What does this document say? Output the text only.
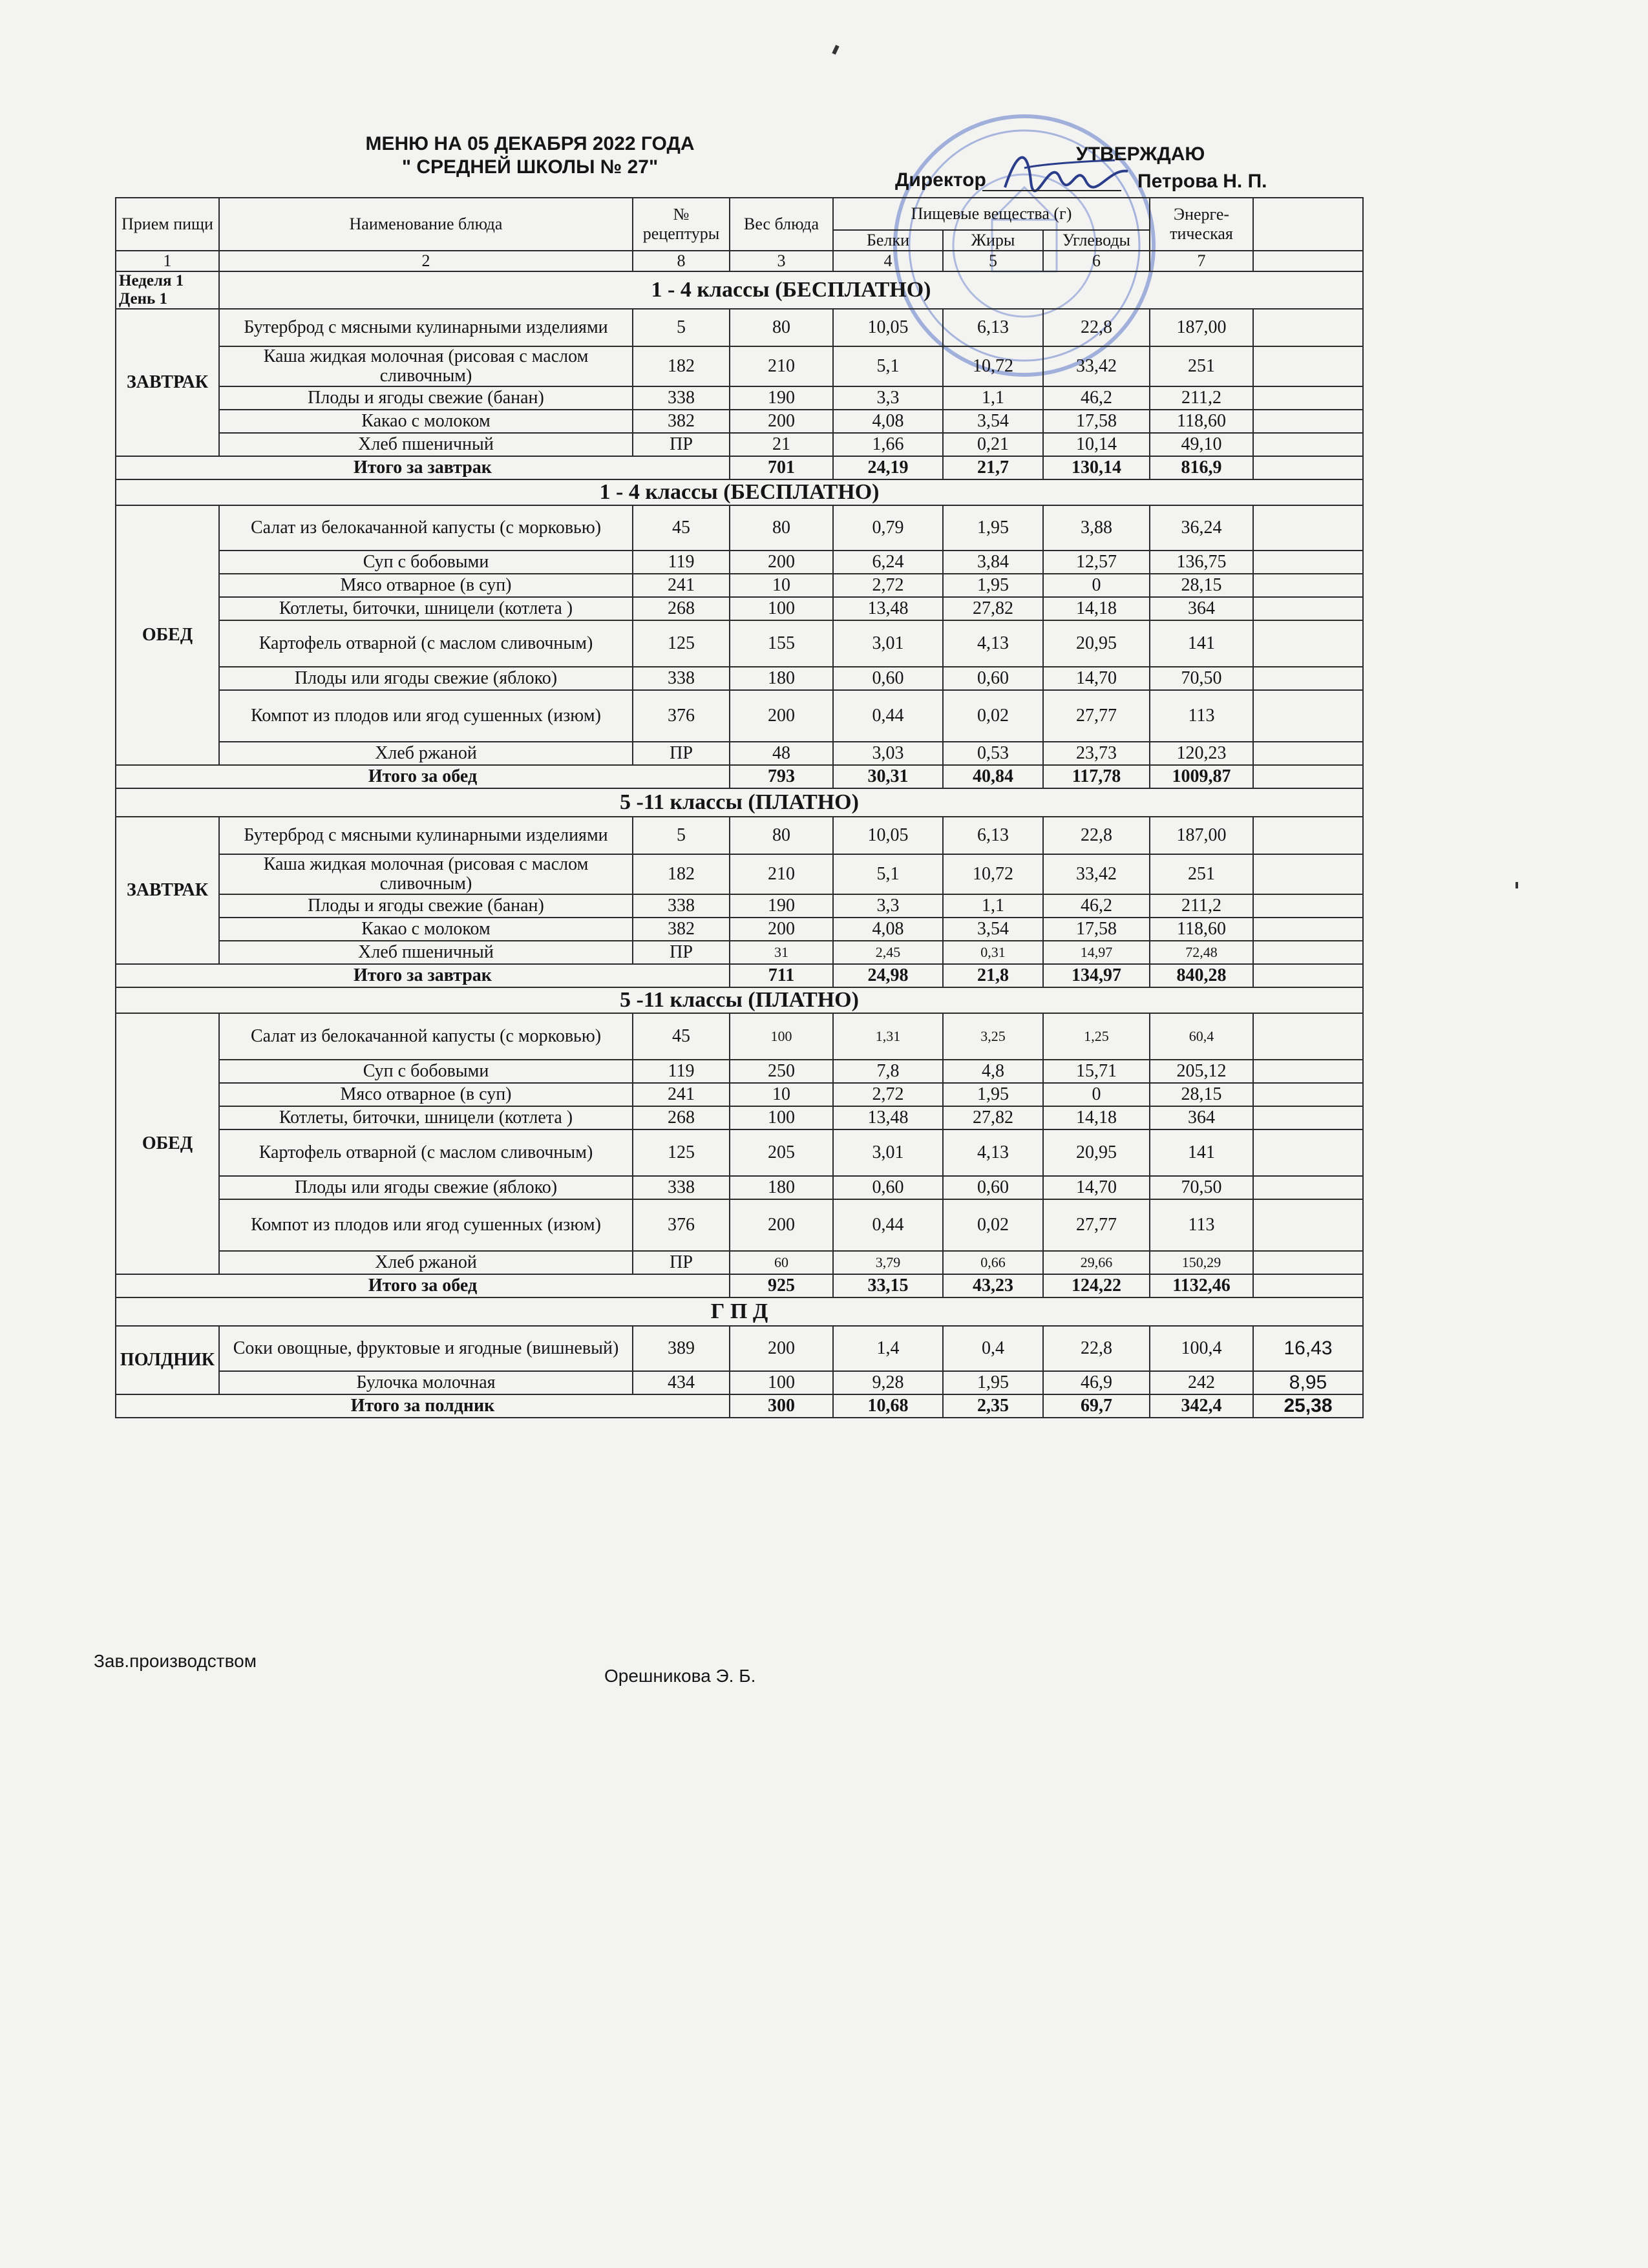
МЕНЮ НА 05 ДЕКАБРЯ 2022 ГОДА
" СРЕДНЕЙ ШКОЛЫ № 27"
УТВЕРЖДАЮ
Директор	Петрова Н. П.
Прием пищи	Наименование блюда	№ рецептуры	Вес блюда	Пищевые вещества (г)			Энерге-тическая	
				Белки	Жиры	Углеводы		
1	2	8	3	4	5	6	7	

Неделя 1
День 1	1 - 4 классы (БЕСПЛАТНО)							
ЗАВТРАК	Бутерброд с мясными кулинарными изделиями	5	80	10,05	6,13	22,8	187,00	
	Каша жидкая молочная (рисовая с маслом сливочным)	182	210	5,1	10,72	33,42	251	
	Плоды и ягоды свежие (банан)	338	190	3,3	1,1	46,2	211,2	
	Какао с молоком	382	200	4,08	3,54	17,58	118,60	
	Хлеб пшеничный	ПР	21	1,66	0,21	10,14	49,10	
Итого за завтрак			701	24,19	21,7	130,14	816,9	
1 - 4 классы (БЕСПЛАТНО)								
ОБЕД	Салат из белокачанной капусты (с морковью)	45	80	0,79	1,95	3,88	36,24	
	Суп с бобовыми	119	200	6,24	3,84	12,57	136,75	
	Мясо отварное (в суп)	241	10	2,72	1,95	0	28,15	
	Котлеты, биточки, шницели (котлета )	268	100	13,48	27,82	14,18	364	
	Картофель отварной (с маслом сливочным)	125	155	3,01	4,13	20,95	141	
	Плоды или ягоды свежие (яблоко)	338	180	0,60	0,60	14,70	70,50	
	Компот из плодов или ягод сушенных (изюм)	376	200	0,44	0,02	27,77	113	
	Хлеб ржаной	ПР	48	3,03	0,53	23,73	120,23	
Итого за обед			793	30,31	40,84	117,78	1009,87	
5 -11 классы (ПЛАТНО)								
ЗАВТРАК	Бутерброд с мясными кулинарными изделиями	5	80	10,05	6,13	22,8	187,00	
	Каша жидкая молочная (рисовая с маслом сливочным)	182	210	5,1	10,72	33,42	251	
	Плоды и ягоды свежие (банан)	338	190	3,3	1,1	46,2	211,2	
	Какао с молоком	382	200	4,08	3,54	17,58	118,60	
	Хлеб пшеничный	ПР	31	2,45	0,31	14,97	72,48	
Итого за завтрак			711	24,98	21,8	134,97	840,28	
5 -11 классы (ПЛАТНО)								
ОБЕД	Салат из белокачанной капусты (с морковью)	45	100	1,31	3,25	1,25	60,4	
	Суп с бобовыми	119	250	7,8	4,8	15,71	205,12	
	Мясо отварное (в суп)	241	10	2,72	1,95	0	28,15	
	Котлеты, биточки, шницели (котлета )	268	100	13,48	27,82	14,18	364	
	Картофель отварной (с маслом сливочным)	125	205	3,01	4,13	20,95	141	
	Плоды или ягоды свежие (яблоко)	338	180	0,60	0,60	14,70	70,50	
	Компот из плодов или ягод сушенных (изюм)	376	200	0,44	0,02	27,77	113	
	Хлеб ржаной	ПР	60	3,79	0,66	29,66	150,29	
Итого за обед			925	33,15	43,23	124,22	1132,46	
Г П Д								
ПОЛДНИК	Соки овощные, фруктовые и ягодные (вишневый)	389	200	1,4	0,4	22,8	100,4	16,43
	Булочка молочная	434	100	9,28	1,95	46,9	242	8,95
Итого за полдник			300	10,68	2,35	69,7	342,4	25,38
Зав.производством
Орешникова Э. Б.
